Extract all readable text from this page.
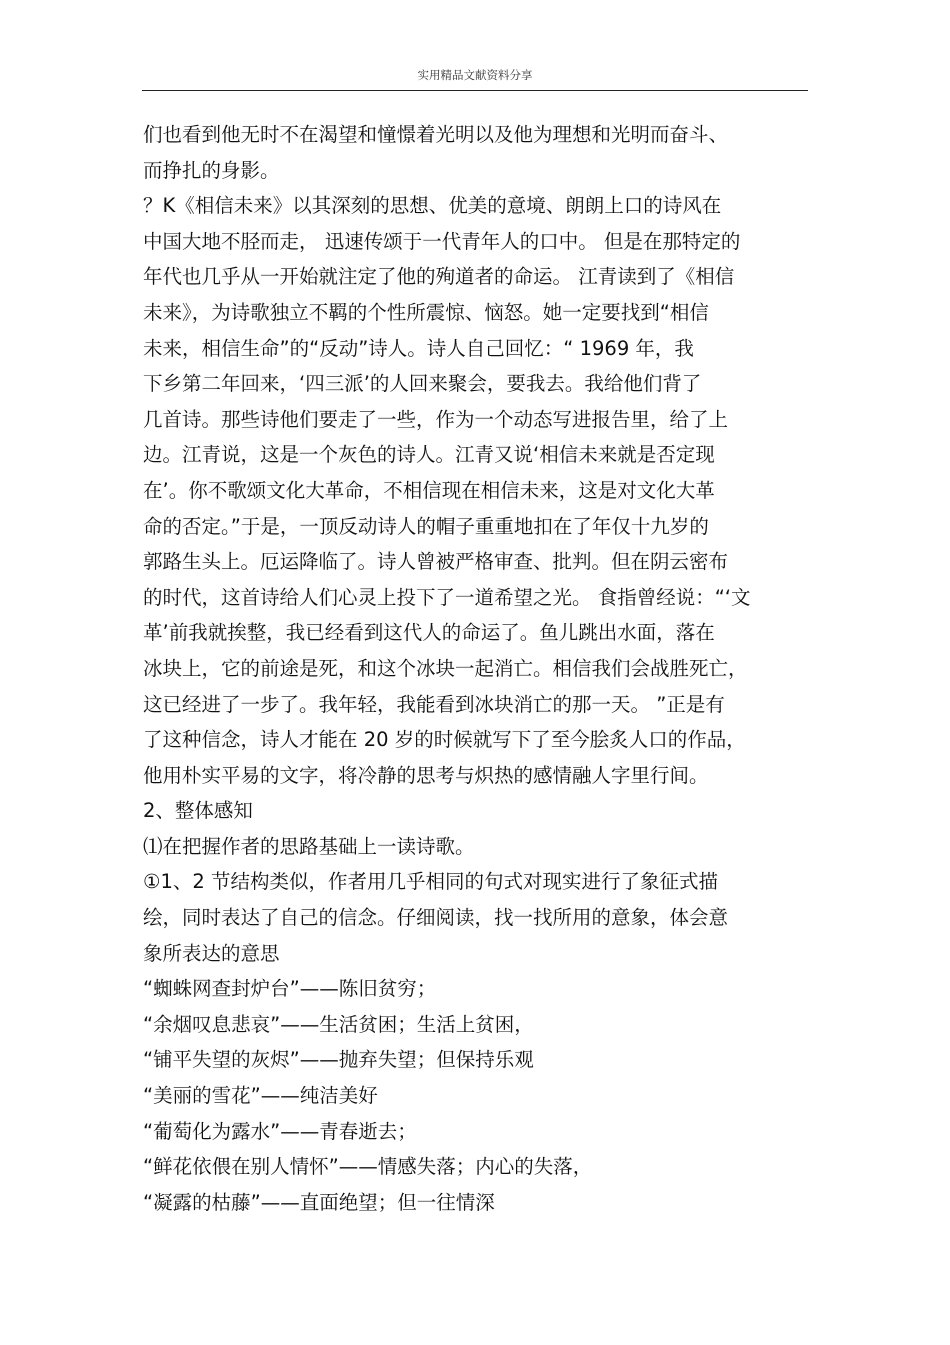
实用精品文献资料分享
们也看到他无时不在渴望和憧憬着光明以及他为理想和光明而奋斗、
而挣扎的身影。
？K《相信未来》以其深刻的思想、优美的意境、朗朗上口的诗风在
中国大地不胫而走， 迅速传颂于一代青年人的口中。 但是在那特定的
年代也几乎从一开始就注定了他的殉道者的命运。 江青读到了《相信
未来》，为诗歌独立不羁的个性所震惊、恼怒。她一定要找到“相信
未来，相信生命”的“反动”诗人。诗人自己回忆：“ 1969 年，我
下乡第二年回来，‘四三派’的人回来聚会，要我去。我给他们背了
几首诗。那些诗他们要走了一些，作为一个动态写进报告里，给了上
边。江青说，这是一个灰色的诗人。江青又说‘相信未来就是否定现
在’。你不歌颂文化大革命，不相信现在相信未来，这是对文化大革
命的否定。”于是，一顶反动诗人的帽子重重地扣在了年仅十九岁的
郭路生头上。厄运降临了。诗人曾被严格审查、批判。但在阴云密布
的时代，这首诗给人们心灵上投下了一道希望之光。 食指曾经说：“‘文
革’前我就挨整，我已经看到这代人的命运了。鱼儿跳出水面，落在
冰块上，它的前途是死，和这个冰块一起消亡。相信我们会战胜死亡，
这已经进了一步了。我年轻，我能看到冰块消亡的那一天。 ”正是有
了这种信念，诗人才能在 20 岁的时候就写下了至今脍炙人口的作品，
他用朴实平易的文字，将冷静的思考与炽热的感情融人字里行间。
2、整体感知
⑴在把握作者的思路基础上一读诗歌。
①1、2 节结构类似，作者用几乎相同的句式对现实进行了象征式描
绘，同时表达了自己的信念。仔细阅读，找一找所用的意象，体会意
象所表达的意思
“蜘蛛网查封炉台”——陈旧贫穷；
“余烟叹息悲哀”——生活贫困；生活上贫困，
“铺平失望的灰烬”——抛弃失望；但保持乐观
“美丽的雪花”——纯洁美好
“葡萄化为露水”——青春逝去；
“鲜花依偎在别人情怀”——情感失落；内心的失落，
“凝露的枯藤”——直面绝望；但一往情深
